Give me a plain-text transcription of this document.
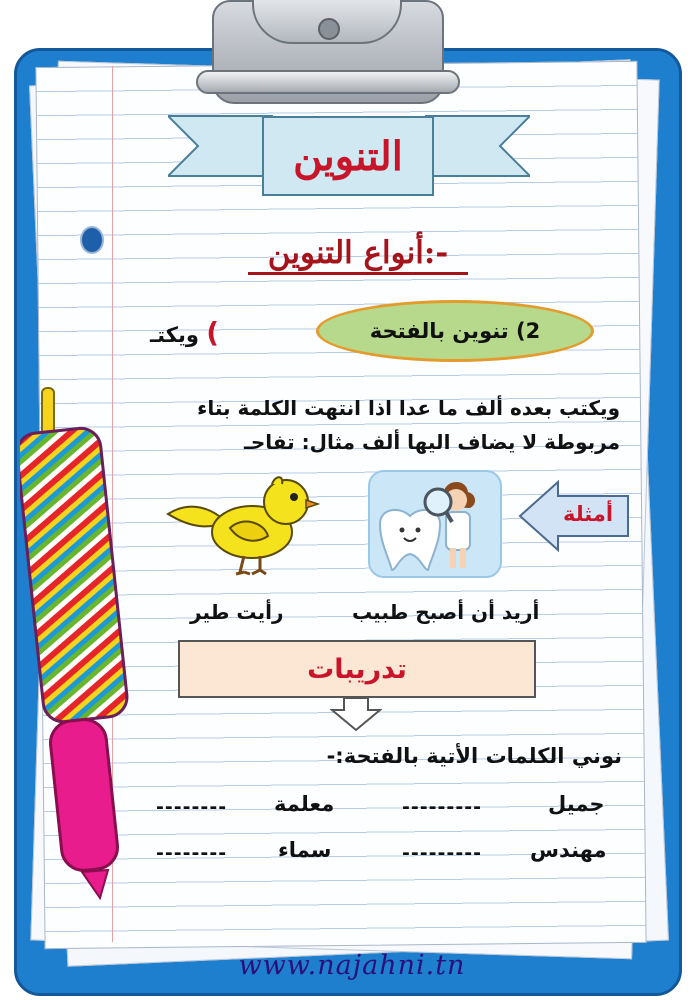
التنوين
أنواع التنوين:-
2) تنوين بالفتحة
) ويكتـ
ويكتب بعده ألف ما عدا اذا انتهت الكلمة بتاء
مربوطة لا يضاف اليها ألف مثال: تفاحـ
أمثلة
أريد أن أصبح طبيب
رأيت طير
تدريبات
نوني الكلمات الأتية بالفتحة:-
جميل
---------
معلمة
--------
مهندس
---------
سماء
--------
www.najahni.tn
